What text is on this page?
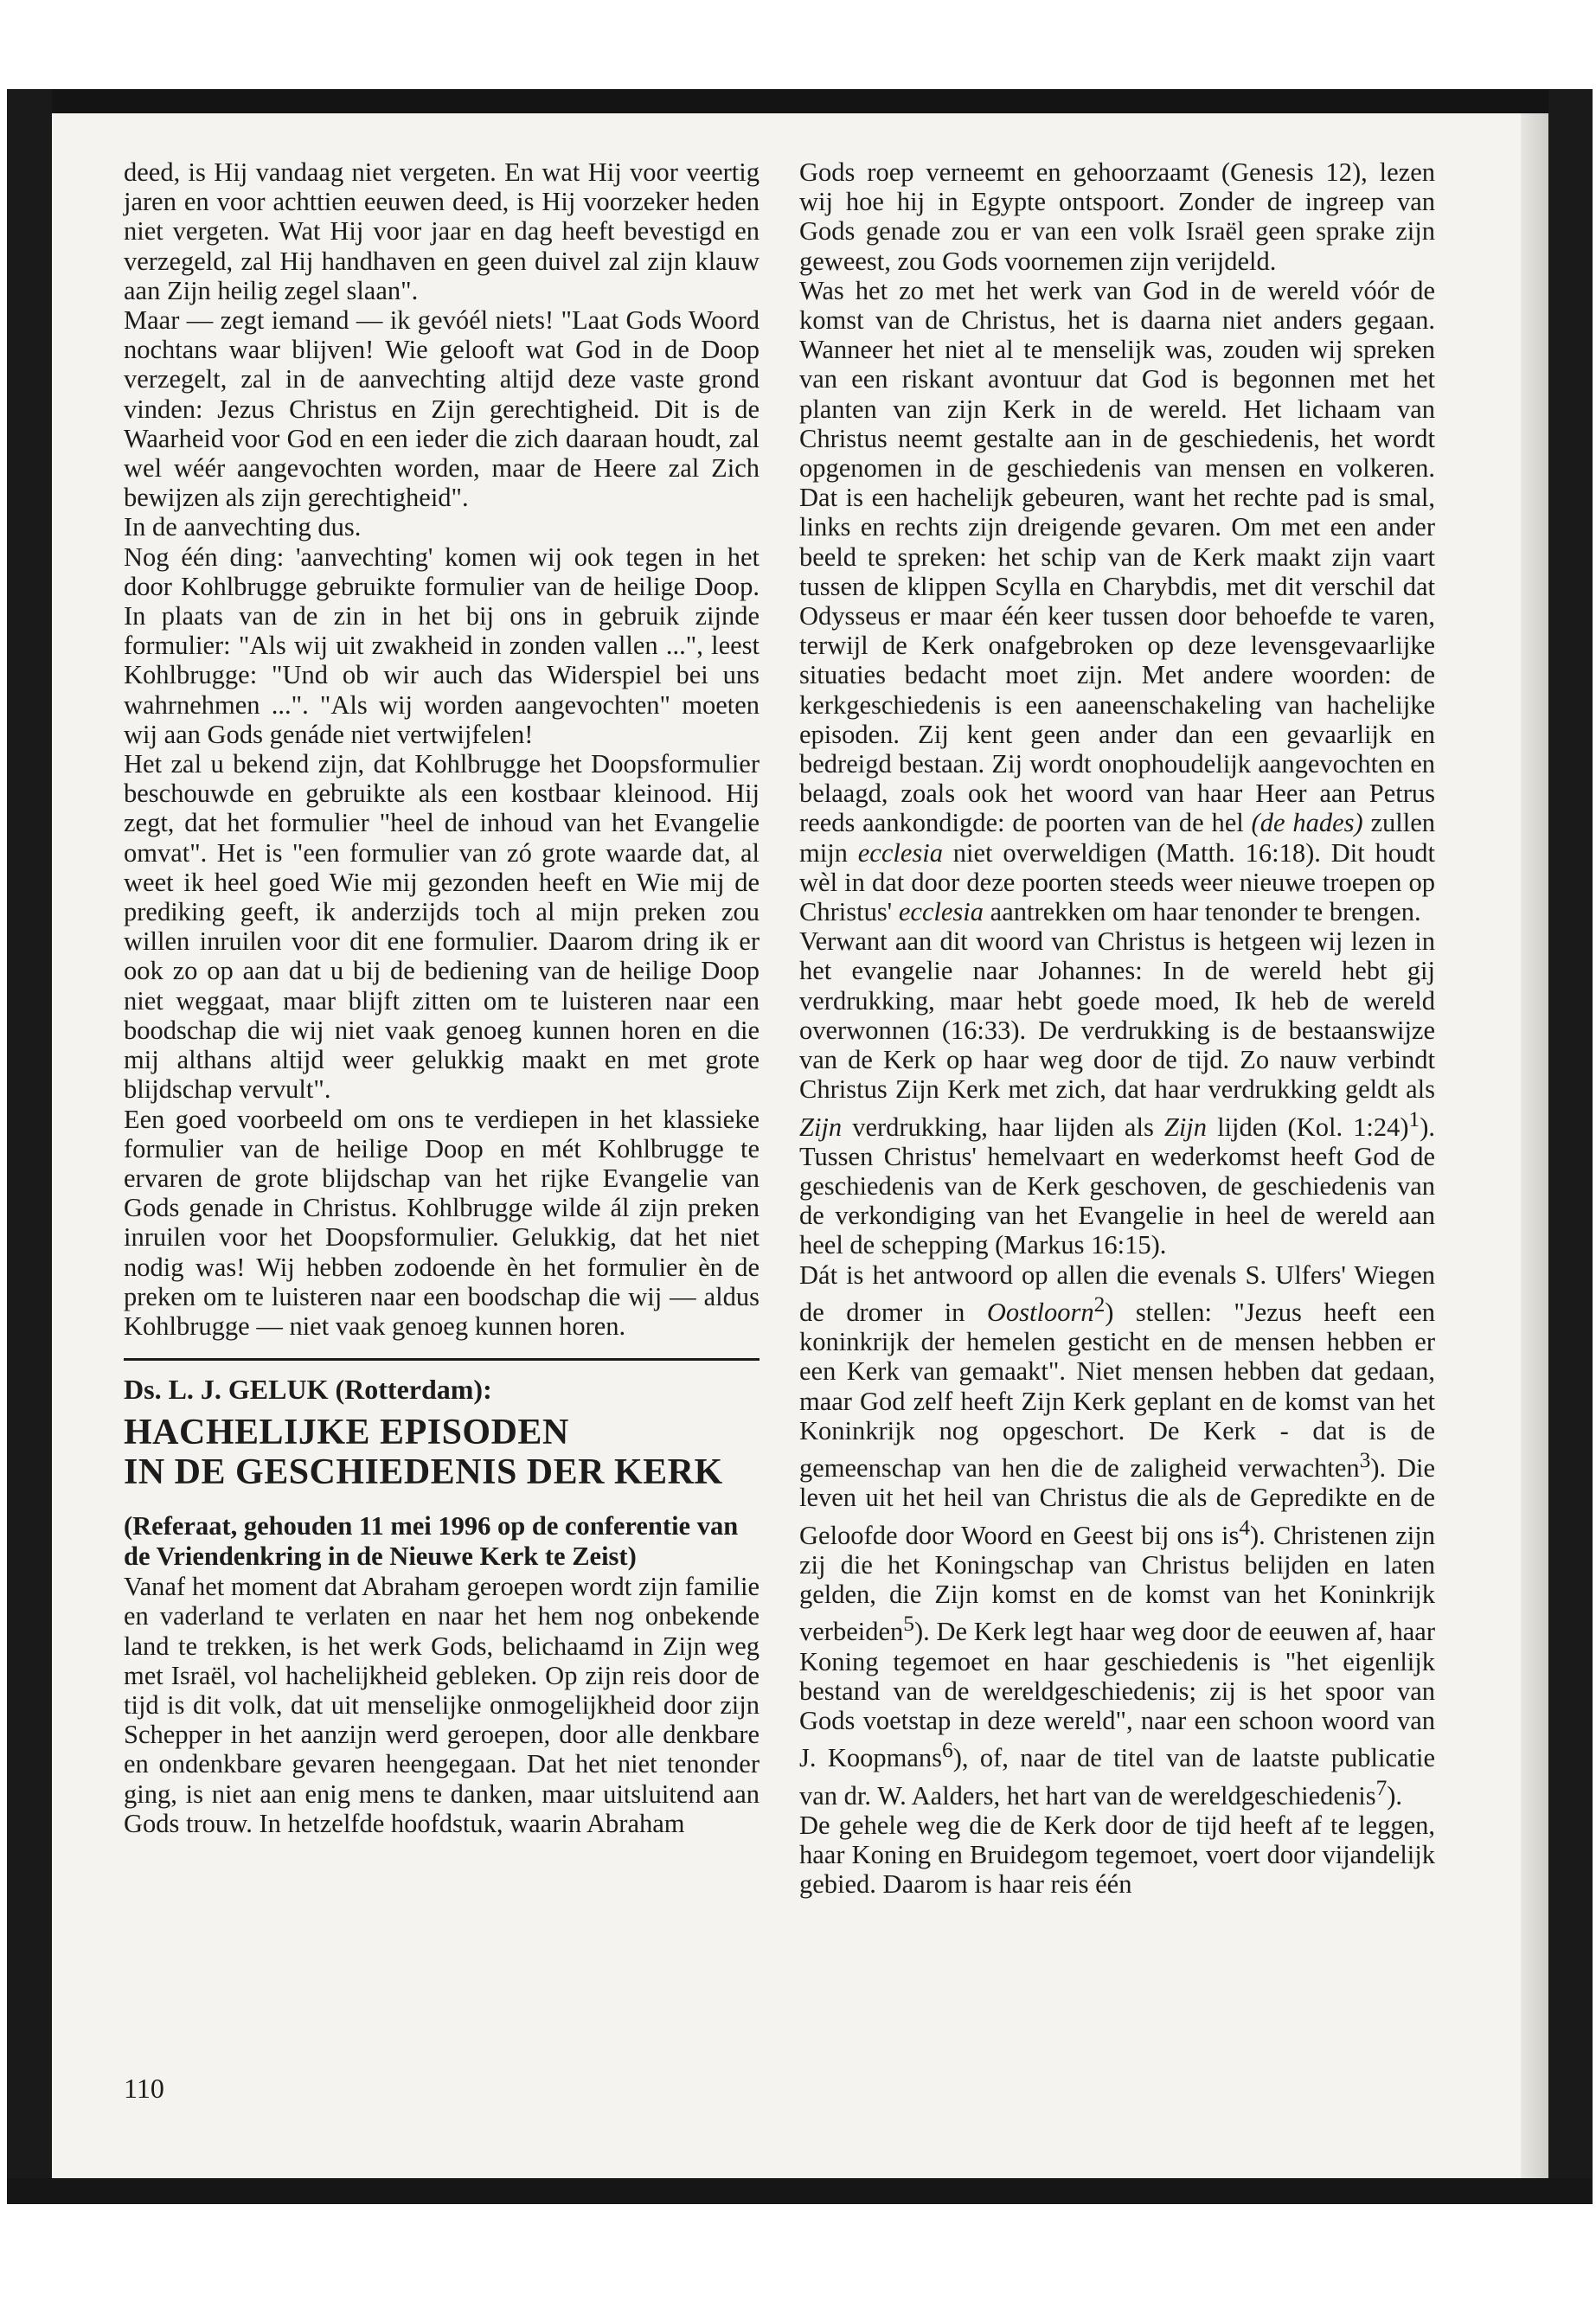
deed, is Hij vandaag niet vergeten. En wat Hij voor veertig jaren en voor achttien eeuwen deed, is Hij voorzeker heden niet vergeten. Wat Hij voor jaar en dag heeft bevestigd en verzegeld, zal Hij handhaven en geen duivel zal zijn klauw aan Zijn heilig zegel slaan".

Maar — zegt iemand — ik gevóél niets! "Laat Gods Woord nochtans waar blijven! Wie gelooft wat God in de Doop verzegelt, zal in de aanvechting altijd deze vaste grond vinden: Jezus Christus en Zijn gerechtigheid. Dit is de Waarheid voor God en een ieder die zich daaraan houdt, zal wel wéér aangevochten worden, maar de Heere zal Zich bewijzen als zijn gerechtigheid".

In de aanvechting dus.

Nog één ding: 'aanvechting' komen wij ook tegen in het door Kohlbrugge gebruikte formulier van de heilige Doop. In plaats van de zin in het bij ons in gebruik zijnde formulier: "Als wij uit zwakheid in zonden vallen ...", leest Kohlbrugge: "Und ob wir auch das Widerspiel bei uns wahrnehmen ...". "Als wij worden aangevochten" moeten wij aan Gods genáde niet vertwijfelen!

Het zal u bekend zijn, dat Kohlbrugge het Doopsformulier beschouwde en gebruikte als een kostbaar kleinood. Hij zegt, dat het formulier "heel de inhoud van het Evangelie omvat". Het is "een formulier van zó grote waarde dat, al weet ik heel goed Wie mij gezonden heeft en Wie mij de prediking geeft, ik anderzijds toch al mijn preken zou willen inruilen voor dit ene formulier. Daarom dring ik er ook zo op aan dat u bij de bediening van de heilige Doop niet weggaat, maar blijft zitten om te luisteren naar een boodschap die wij niet vaak genoeg kunnen horen en die mij althans altijd weer gelukkig maakt en met grote blijdschap vervult".

Een goed voorbeeld om ons te verdiepen in het klassieke formulier van de heilige Doop en mét Kohlbrugge te ervaren de grote blijdschap van het rijke Evangelie van Gods genade in Christus. Kohlbrugge wilde ál zijn preken inruilen voor het Doopsformulier. Gelukkig, dat het niet nodig was! Wij hebben zodoende èn het formulier èn de preken om te luisteren naar een boodschap die wij — aldus Kohlbrugge — niet vaak genoeg kunnen horen.

Ds. L. J. GELUK (Rotterdam):

HACHELIJKE EPISODEN
IN DE GESCHIEDENIS DER KERK

(Referaat, gehouden 11 mei 1996 op de conferentie van de Vriendenkring in de Nieuwe Kerk te Zeist)

Vanaf het moment dat Abraham geroepen wordt zijn familie en vaderland te verlaten en naar het hem nog onbekende land te trekken, is het werk Gods, belichaamd in Zijn weg met Israël, vol hachelijkheid gebleken. Op zijn reis door de tijd is dit volk, dat uit menselijke onmogelijkheid door zijn Schepper in het aanzijn werd geroepen, door alle denkbare en ondenkbare gevaren heengegaan. Dat het niet tenonder ging, is niet aan enig mens te danken, maar uitsluitend aan Gods trouw. In hetzelfde hoofdstuk, waarin Abraham

Gods roep verneemt en gehoorzaamt (Genesis 12), lezen wij hoe hij in Egypte ontspoort. Zonder de ingreep van Gods genade zou er van een volk Israël geen sprake zijn geweest, zou Gods voornemen zijn verijdeld.

Was het zo met het werk van God in de wereld vóór de komst van de Christus, het is daarna niet anders gegaan. Wanneer het niet al te menselijk was, zouden wij spreken van een riskant avontuur dat God is begonnen met het planten van zijn Kerk in de wereld. Het lichaam van Christus neemt gestalte aan in de geschiedenis, het wordt opgenomen in de geschiedenis van mensen en volkeren. Dat is een hachelijk gebeuren, want het rechte pad is smal, links en rechts zijn dreigende gevaren. Om met een ander beeld te spreken: het schip van de Kerk maakt zijn vaart tussen de klippen Scylla en Charybdis, met dit verschil dat Odysseus er maar één keer tussen door behoefde te varen, terwijl de Kerk onafgebroken op deze levensgevaarlijke situaties bedacht moet zijn. Met andere woorden: de kerkgeschiedenis is een aaneenschakeling van hachelijke episoden. Zij kent geen ander dan een gevaarlijk en bedreigd bestaan. Zij wordt onophoudelijk aangevochten en belaagd, zoals ook het woord van haar Heer aan Petrus reeds aankondigde: de poorten van de hel (de hades) zullen mijn ecclesia niet overweldigen (Matth. 16:18). Dit houdt wèl in dat door deze poorten steeds weer nieuwe troepen op Christus' ecclesia aantrekken om haar tenonder te brengen.

Verwant aan dit woord van Christus is hetgeen wij lezen in het evangelie naar Johannes: In de wereld hebt gij verdrukking, maar hebt goede moed, Ik heb de wereld overwonnen (16:33). De verdrukking is de bestaanswijze van de Kerk op haar weg door de tijd. Zo nauw verbindt Christus Zijn Kerk met zich, dat haar verdrukking geldt als Zijn verdrukking, haar lijden als Zijn lijden (Kol. 1:24)$^1$). Tussen Christus' hemelvaart en wederkomst heeft God de geschiedenis van de Kerk geschoven, de geschiedenis van de verkondiging van het Evangelie in heel de wereld aan heel de schepping (Markus 16:15).

Dát is het antwoord op allen die evenals S. Ulfers' Wiegen de dromer in Oostloorn$^2$) stellen: "Jezus heeft een koninkrijk der hemelen gesticht en de mensen hebben er een Kerk van gemaakt". Niet mensen hebben dat gedaan, maar God zelf heeft Zijn Kerk geplant en de komst van het Koninkrijk nog opgeschort. De Kerk - dat is de gemeenschap van hen die de zaligheid verwachten$^3$). Die leven uit het heil van Christus die als de Gepredikte en de Geloofde door Woord en Geest bij ons $is^4$). Christenen zijn zij die het Koningschap van Christus belijden en laten gelden, die Zijn komst en de komst van het Koninkrijk verbeiden$^5$). De Kerk legt haar weg door de eeuwen af, haar Koning tegemoet en haar geschiedenis is "het eigenlijk bestand van de wereldgeschiedenis; zij is het spoor van Gods voetstap in deze wereld", naar een schoon woord van J. Koopmans$^6$), of, naar de titel van de laatste publicatie van dr. W. Aalders, het hart van de wereldgeschiedenis$^7$).

De gehele weg die de Kerk door de tijd heeft af te leggen, haar Koning en Bruidegom tegemoet, voert door vijandelijk gebied. Daarom is haar reis één

110
